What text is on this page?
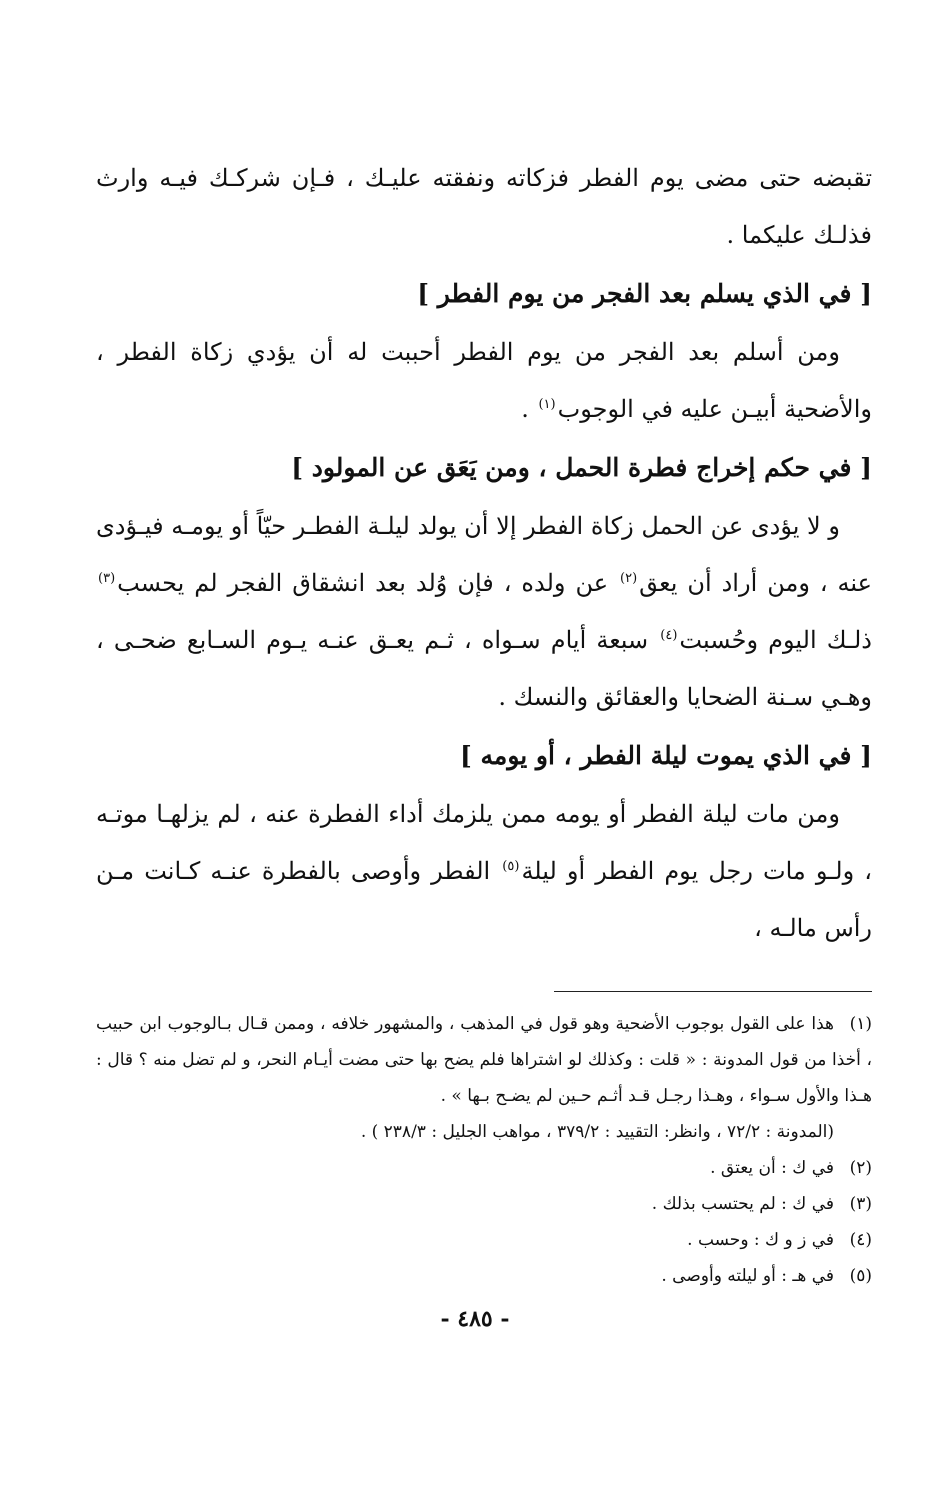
تقبضه حتى مضى يوم الفطر فزكاته ونفقته عليـك ، فـإن شركـك فيـه وارث فذلـك عليكما .

[ في الذي يسلم بعد الفجر من يوم الفطر ]

ومن أسلم بعد الفجر من يوم الفطر أحببت له أن يؤدي زكاة الفطر ، والأضحية أبيـن عليه في الوجوب$^{(١)}$ .

[ في حكم إخراج فطرة الحمل ، ومن يَعَق عن المولود ]

و لا يؤدى عن الحمل زكاة الفطر إلا أن يولد ليلـة الفطـر حيّاً أو يومـه فيـؤدى عنه ، ومن أراد أن يعق$^{(٢)}$ عن ولده ، فإن وُلد بعد انشقاق الفجر لم يحسب$^{(٣)}$ ذلـك اليوم وحُسبت$^{(٤)}$ سبعة أيام سـواه ، ثـم يعـق عنـه يـوم السـابع ضحـى ، وهـي سـنة الضحايا والعقائق والنسك .

[ في الذي يموت ليلة الفطر ، أو يومه ]

ومن مات ليلة الفطر أو يومه ممن يلزمك أداء الفطرة عنه ، لم يزلهـا موتـه ، ولـو مات رجل يوم الفطر أو ليلة$^{(٥)}$ الفطر وأوصى بالفطرة عنـه كـانت مـن رأس مالـه ،

(١)هذا على القول بوجوب الأضحية وهو قول في المذهب ، والمشهور خلافه ، وممن قـال بـالوجوب ابن حبيب ، أخذا من قول المدونة : « قلت : وكذلك لو اشتراها فلم يضح بها حتى مضت أيـام النحر، و لم تضل منه ؟ قال : هـذا والأول سـواء ، وهـذا رجـل قـد أثـم حـين لم يضـح بـها » .

(المدونة : ٧٢/٢ ، وانظر: التقييد : ٣٧٩/٢ ، مواهب الجليل : ٢٣٨/٣ ) .

(٢)في ك : أن يعتق .

(٣)في ك : لم يحتسب بذلك .

(٤)في ز و ك : وحسب .

(٥)في هـ : أو ليلته وأوصى .

- ٤٨٥ -
